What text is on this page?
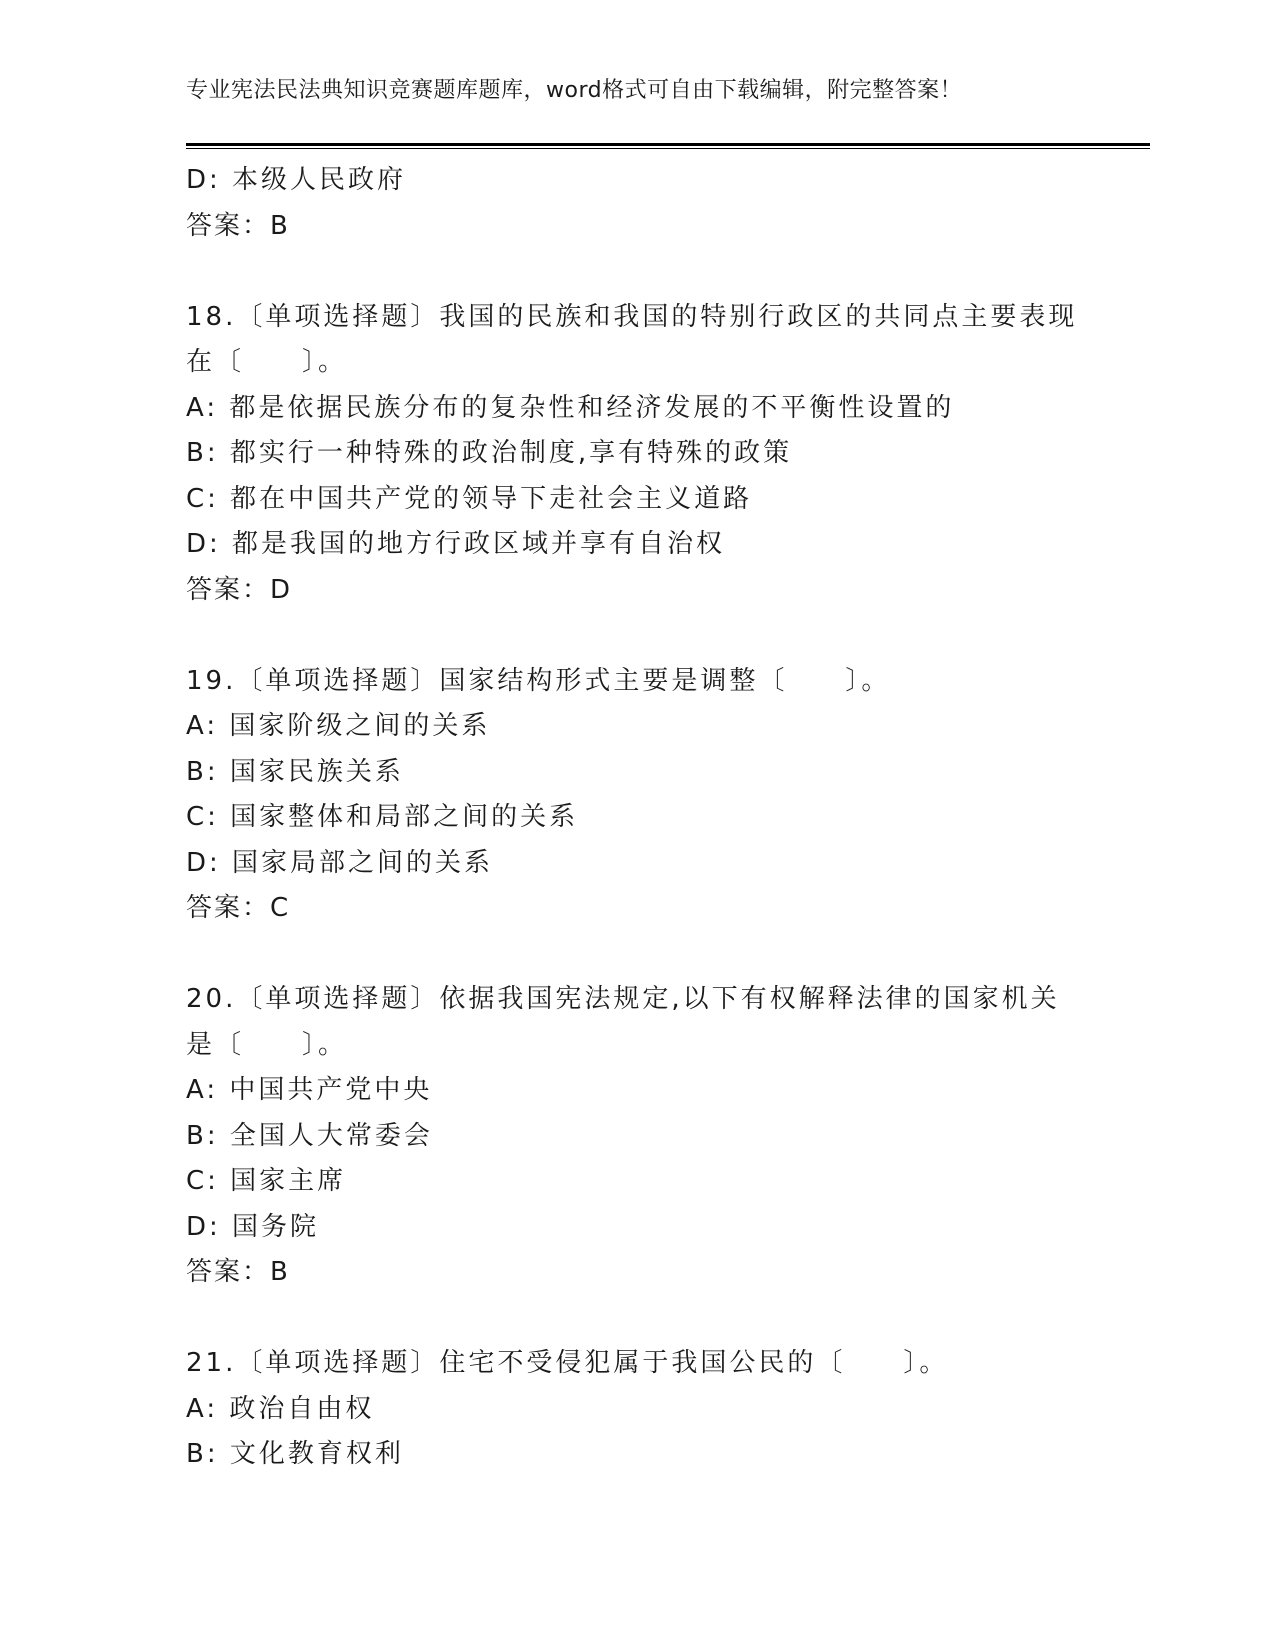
专业宪法民法典知识竞赛题库题库，word格式可自由下载编辑，附完整答案！
D: 本级人民政府
答案：B
18.〔单项选择题〕我国的民族和我国的特别行政区的共同点主要表现
在〔　　〕。
A: 都是依据民族分布的复杂性和经济发展的不平衡性设置的
B: 都实行一种特殊的政治制度,享有特殊的政策
C: 都在中国共产党的领导下走社会主义道路
D: 都是我国的地方行政区域并享有自治权
答案：D
19.〔单项选择题〕国家结构形式主要是调整〔　　〕。
A: 国家阶级之间的关系
B: 国家民族关系
C: 国家整体和局部之间的关系
D: 国家局部之间的关系
答案：C
20.〔单项选择题〕依据我国宪法规定,以下有权解释法律的国家机关
是〔　　〕。
A: 中国共产党中央
B: 全国人大常委会
C: 国家主席
D: 国务院
答案：B
21.〔单项选择题〕住宅不受侵犯属于我国公民的〔　　〕。
A: 政治自由权
B: 文化教育权利
